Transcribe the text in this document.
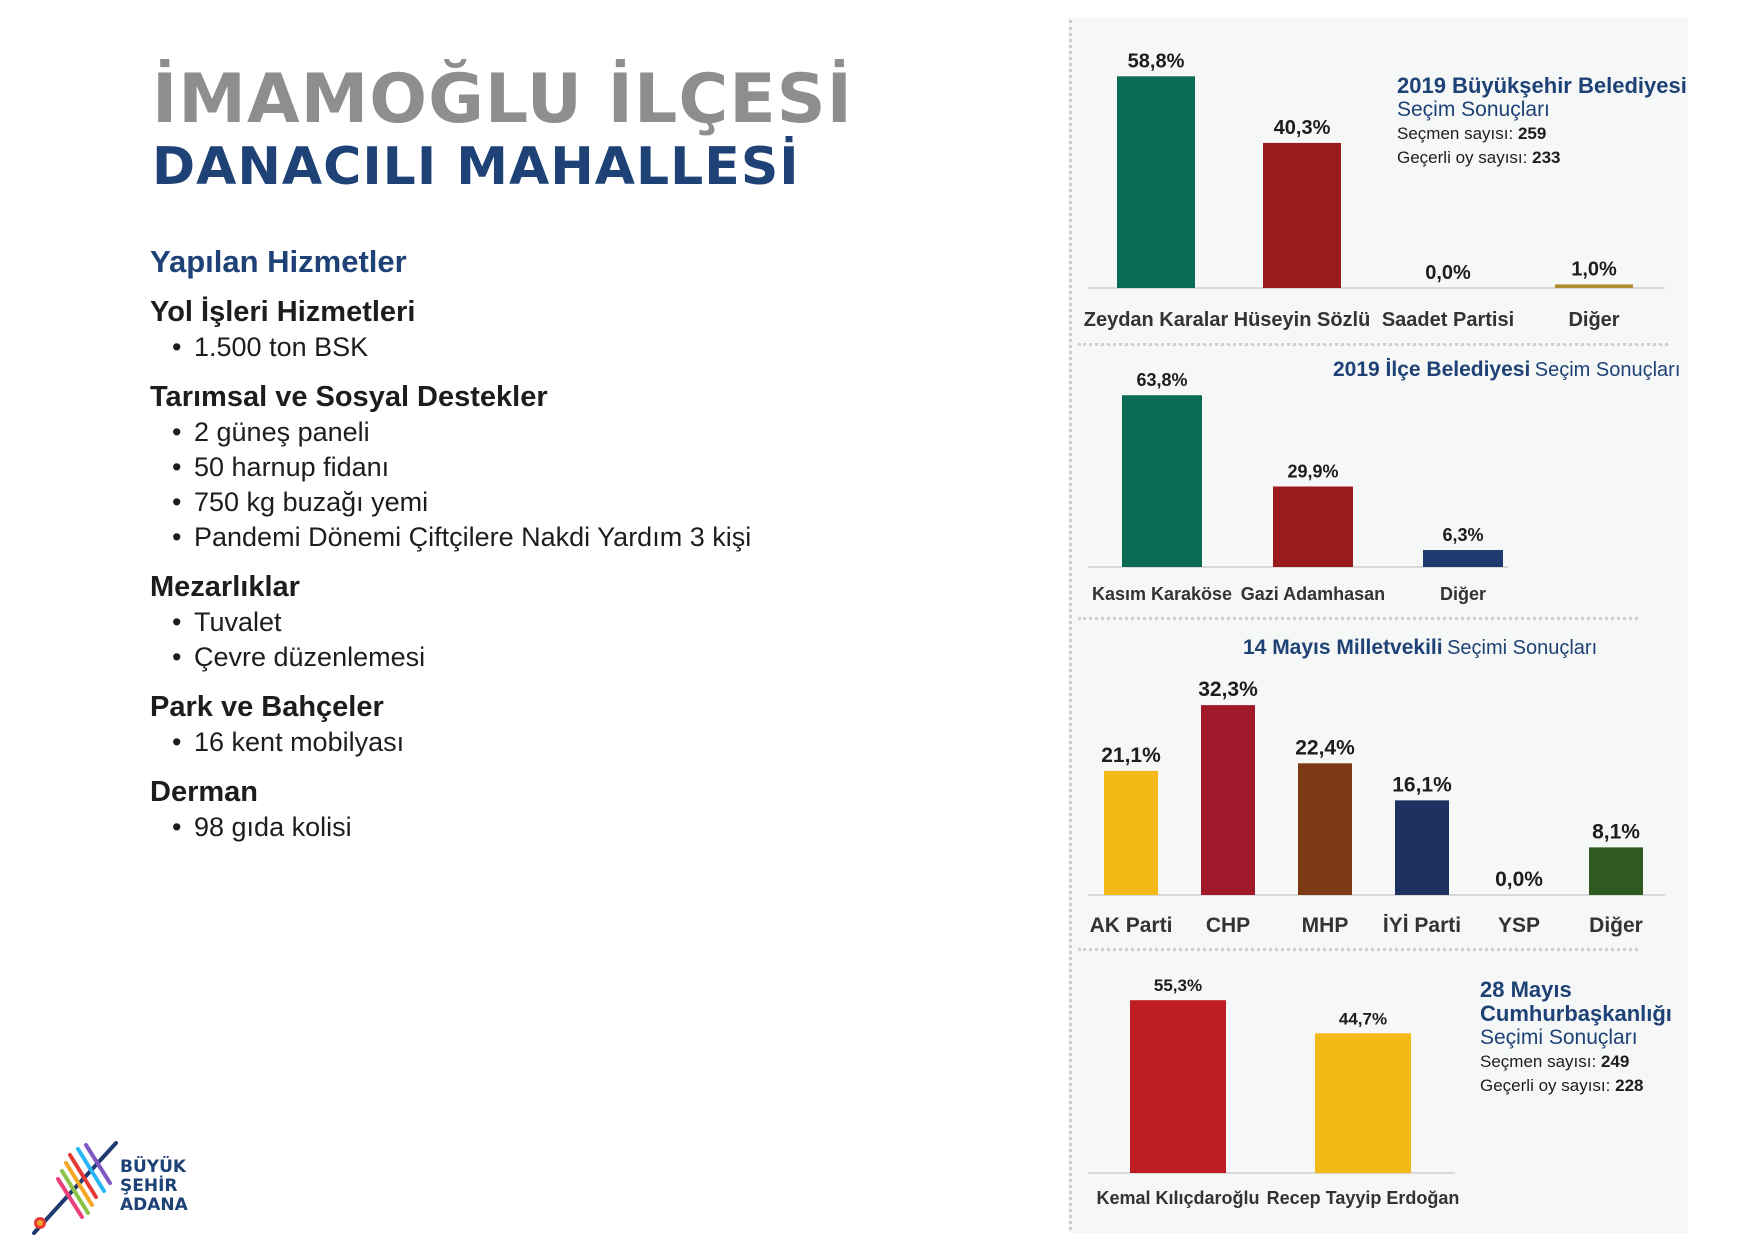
İMAMOĞLU İLÇESİ
DANACILI MAHALLESİ
Yapılan Hizmetler
Yol İşleri Hizmetleri
• 1.500 ton BSK
Tarımsal ve Sosyal Destekler
• 2 güneş paneli
• 50 harnup fidanı
• 750 kg buzağı yemi
• Pandemi Dönemi Çiftçilere Nakdi Yardım 3 kişi
Mezarlıklar
• Tuvalet
• Çevre düzenlemesi
Park ve Bahçeler
• 16 kent mobilyası
Derman
• 98 gıda kolisi
BÜYÜK
ŞEHİR
ADANA
2019 Büyükşehir Belediyesi
Seçim Sonuçları
Seçmen sayısı: 259
Geçerli oy sayısı: 233
2019 İlçe Belediyesi Seçim Sonuçları
14 Mayıs Milletvekili Seçimi Sonuçları
28 Mayıs
Cumhurbaşkanlığı
Seçimi Sonuçları
Seçmen sayısı: 249
Geçerli oy sayısı: 228
58,8%
Zeydan Karalar
40,3%
Hüseyin Sözlü
0,0%
Saadet Partisi
1,0%
Diğer
63,8%
Kasım Karaköse
29,9%
Gazi Adamhasan
6,3%
Diğer
21,1%
AK Parti
32,3%
CHP
22,4%
MHP
16,1%
İYİ Parti
0,0%
YSP
8,1%
Diğer
55,3%
Kemal Kılıçdaroğlu
44,7%
Recep Tayyip Erdoğan
